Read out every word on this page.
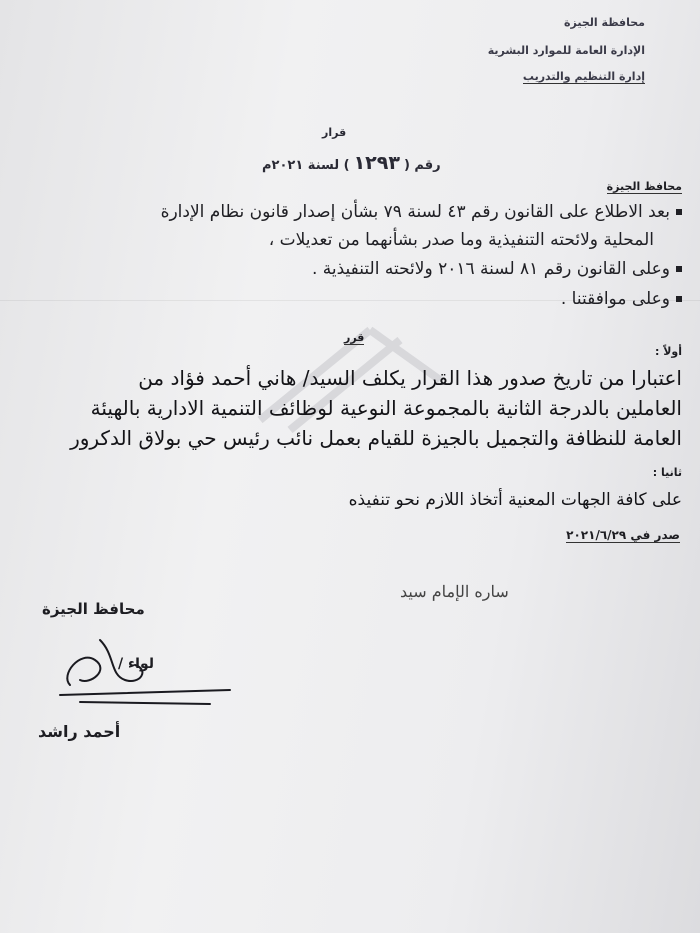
محافظة الجيزة
الإدارة العامة للموارد البشرية
إدارة التنظيم والتدريب
قرار
رقم (١٢٩٣) لسنة ٢٠٢١م
محافظ الجيزة
بعد الاطلاع على القانون رقم ٤٣ لسنة ٧٩ بشأن إصدار قانون نظام الإدارة
المحلية ولائحته التنفيذية وما صدر بشأنهما من تعديلات ،
وعلى القانون رقم ٨١ لسنة ٢٠١٦ ولائحته التنفيذية .
وعلى موافقتنا .
قرر
أولاً :
اعتبارا من تاريخ صدور هذا القرار يكلف السيد/ هاني أحمد فؤاد من
العاملين بالدرجة الثانية بالمجموعة النوعية لوظائف التنمية الادارية بالهيئة
العامة للنظافة والتجميل بالجيزة للقيام بعمل نائب رئيس حي بولاق الدكرور
ثانيا :
على كافة الجهات المعنية أتخاذ اللازم نحو تنفيذه
صدر في ٢٠٢١/٦/٢٩
ساره الإمام سيد
محافظ الجيزة
لواء /
أحمد راشد
